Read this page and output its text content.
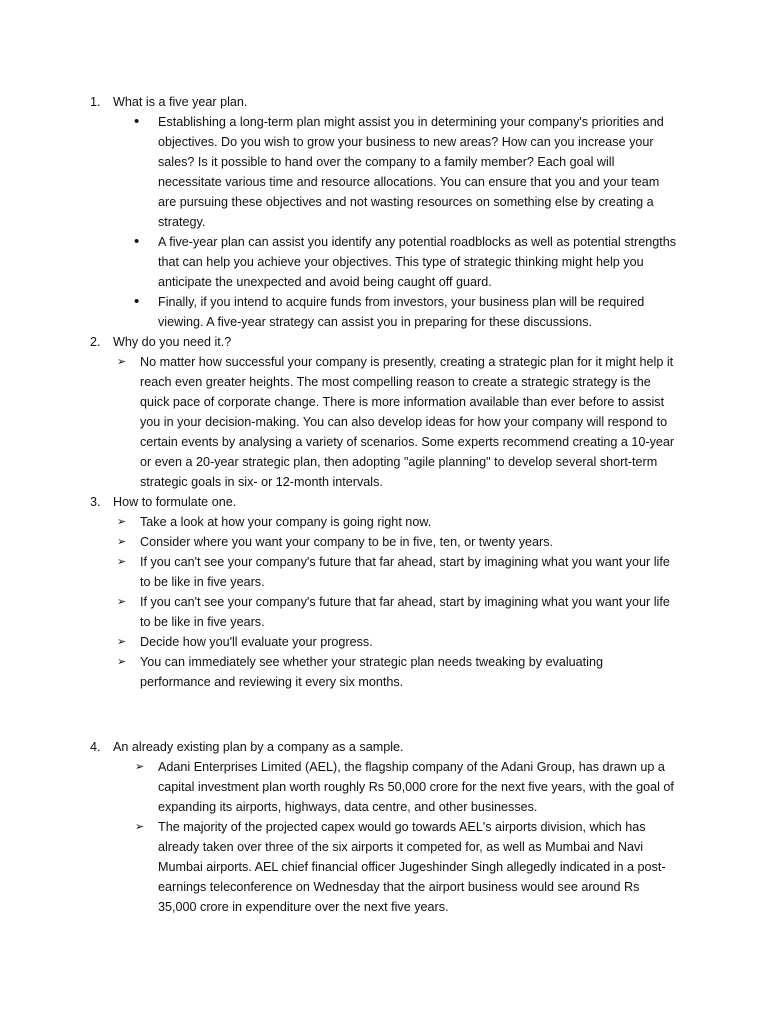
1. What is a five year plan.
• Establishing a long-term plan might assist you in determining your company's priorities and objectives. Do you wish to grow your business to new areas? How can you increase your sales? Is it possible to hand over the company to a family member? Each goal will necessitate various time and resource allocations. You can ensure that you and your team are pursuing these objectives and not wasting resources on something else by creating a strategy.
• A five-year plan can assist you identify any potential roadblocks as well as potential strengths that can help you achieve your objectives. This type of strategic thinking might help you anticipate the unexpected and avoid being caught off guard.
• Finally, if you intend to acquire funds from investors, your business plan will be required viewing. A five-year strategy can assist you in preparing for these discussions.
2. Why do you need it.?
➢ No matter how successful your company is presently, creating a strategic plan for it might help it reach even greater heights. The most compelling reason to create a strategic strategy is the quick pace of corporate change. There is more information available than ever before to assist you in your decision-making. You can also develop ideas for how your company will respond to certain events by analysing a variety of scenarios. Some experts recommend creating a 10-year or even a 20-year strategic plan, then adopting "agile planning" to develop several short-term strategic goals in six- or 12-month intervals.
3. How to formulate one.
➢ Take a look at how your company is going right now.
➢ Consider where you want your company to be in five, ten, or twenty years.
➢ If you can't see your company's future that far ahead, start by imagining what you want your life to be like in five years.
➢ If you can't see your company's future that far ahead, start by imagining what you want your life to be like in five years.
➢ Decide how you'll evaluate your progress.
➢ You can immediately see whether your strategic plan needs tweaking by evaluating performance and reviewing it every six months.
4. An already existing plan by a company as a sample.
➢ Adani Enterprises Limited (AEL), the flagship company of the Adani Group, has drawn up a capital investment plan worth roughly Rs 50,000 crore for the next five years, with the goal of expanding its airports, highways, data centre, and other businesses.
➢ The majority of the projected capex would go towards AEL's airports division, which has already taken over three of the six airports it competed for, as well as Mumbai and Navi Mumbai airports. AEL chief financial officer Jugeshinder Singh allegedly indicated in a post-earnings teleconference on Wednesday that the airport business would see around Rs 35,000 crore in expenditure over the next five years.
